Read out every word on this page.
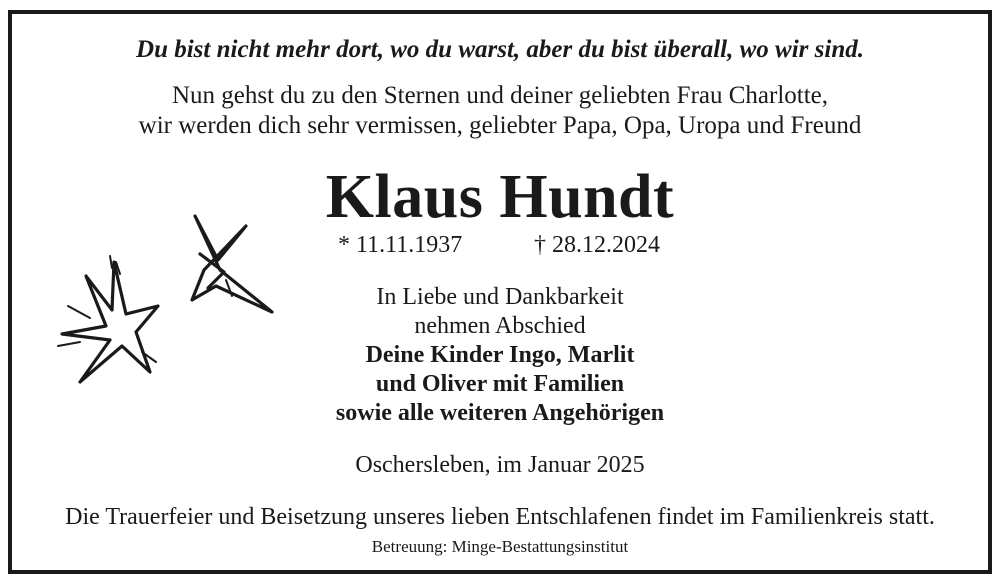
Du bist nicht mehr dort, wo du warst, aber du bist überall, wo wir sind.
Nun gehst du zu den Sternen und deiner geliebten Frau Charlotte,
wir werden dich sehr vermissen, geliebter Papa, Opa, Uropa und Freund
Klaus Hundt
* 11.11.1937	† 28.12.2024
In Liebe und Dankbarkeit
nehmen Abschied
Deine Kinder Ingo, Marlit
und Oliver mit Familien
sowie alle weiteren Angehörigen
Oschersleben, im Januar 2025
Die Trauerfeier und Beisetzung unseres lieben Entschlafenen findet im Familienkreis statt.
Betreuung: Minge-Bestattungsinstitut
